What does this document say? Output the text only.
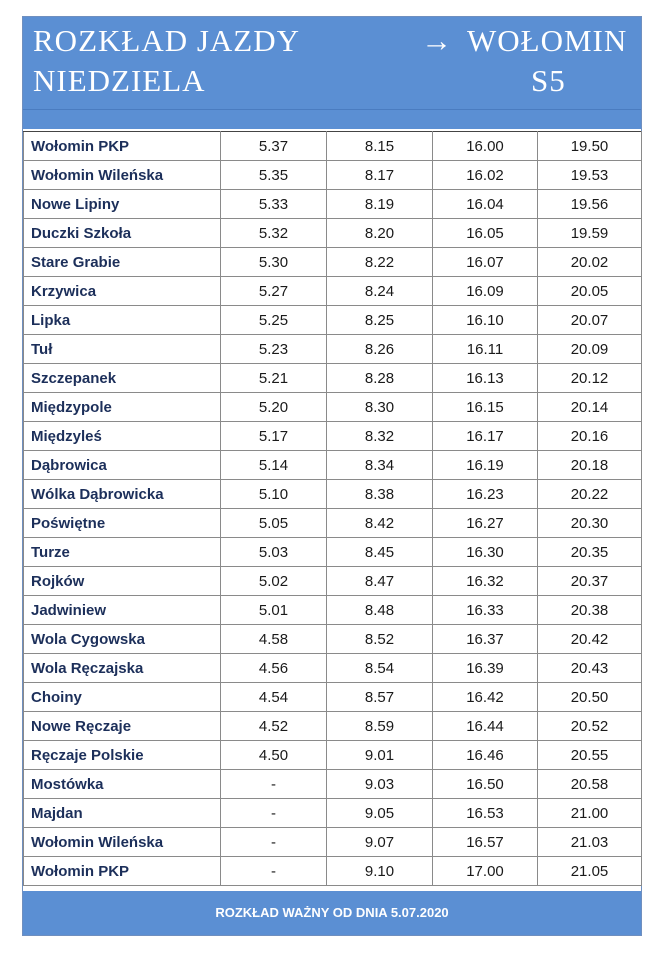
ROZKŁAD JAZDY
NIEDZIELA
→ WOŁOMIN
S5
Wołomin PKP	5.37	8.15	16.00	19.50
Wołomin Wileńska	5.35	8.17	16.02	19.53
Nowe Lipiny	5.33	8.19	16.04	19.56
Duczki Szkoła	5.32	8.20	16.05	19.59
Stare Grabie	5.30	8.22	16.07	20.02
Krzywica	5.27	8.24	16.09	20.05
Lipka	5.25	8.25	16.10	20.07
Tuł	5.23	8.26	16.11	20.09
Szczepanek	5.21	8.28	16.13	20.12
Międzypole	5.20	8.30	16.15	20.14
Międzyleś	5.17	8.32	16.17	20.16
Dąbrowica	5.14	8.34	16.19	20.18
Wólka Dąbrowicka	5.10	8.38	16.23	20.22
Poświętne	5.05	8.42	16.27	20.30
Turze	5.03	8.45	16.30	20.35
Rojków	5.02	8.47	16.32	20.37
Jadwiniew	5.01	8.48	16.33	20.38
Wola Cygowska	4.58	8.52	16.37	20.42
Wola Ręczajska	4.56	8.54	16.39	20.43
Choiny	4.54	8.57	16.42	20.50
Nowe Ręczaje	4.52	8.59	16.44	20.52
Ręczaje Polskie	4.50	9.01	16.46	20.55
Mostówka	-	9.03	16.50	20.58
Majdan	-	9.05	16.53	21.00
Wołomin Wileńska	-	9.07	16.57	21.03
Wołomin PKP	-	9.10	17.00	21.05
ROZKŁAD WAŻNY OD DNIA 5.07.2020
